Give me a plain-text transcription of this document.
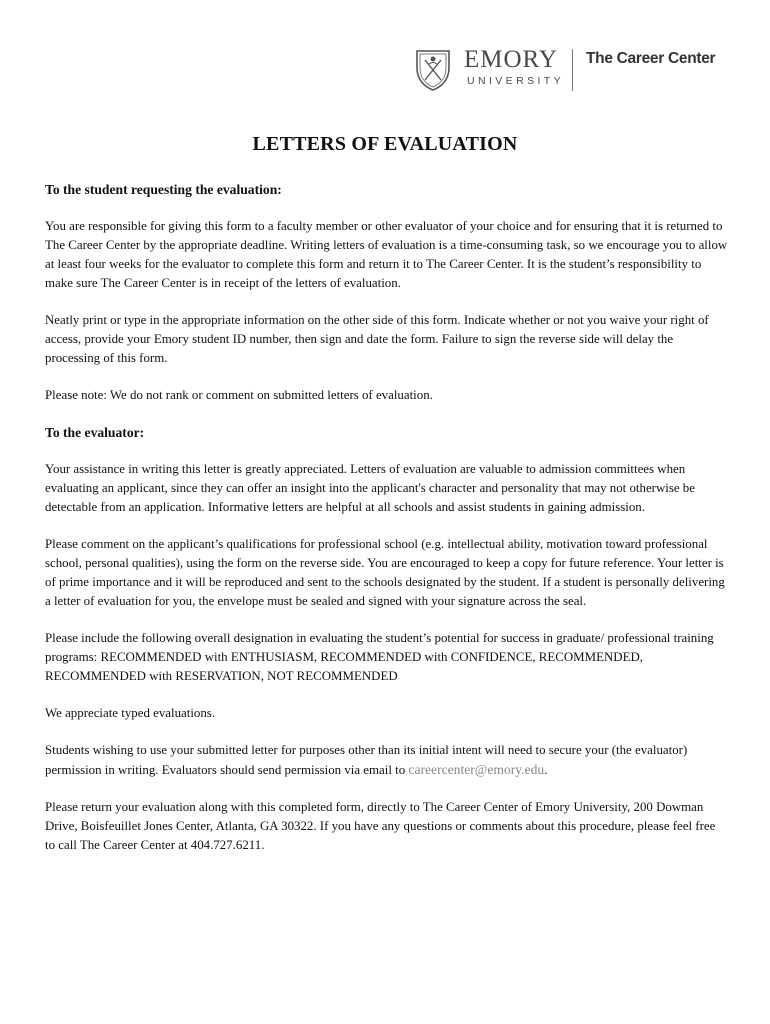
EMORY
UNIVERSITY
The Career Center
LETTERS OF EVALUATION
To the student requesting the evaluation:

You are responsible for giving this form to a faculty member or other evaluator of your choice and for ensuring that it is returned to The Career Center by the appropriate deadline. Writing letters of evaluation is a time-consuming task, so we encourage you to allow at least four weeks for the evaluator to complete this form and return it to The Career Center. It is the student’s responsibility to make sure The Career Center is in receipt of the letters of evaluation.

Neatly print or type in the appropriate information on the other side of this form. Indicate whether or not you waive your right of access, provide your Emory student ID number, then sign and date the form. Failure to sign the reverse side will delay the processing of this form.

Please note: We do not rank or comment on submitted letters of evaluation.

To the evaluator:

Your assistance in writing this letter is greatly appreciated. Letters of evaluation are valuable to admission committees when evaluating an applicant, since they can offer an insight into the applicant's character and personality that may not otherwise be detectable from an application. Informative letters are helpful at all schools and assist students in gaining admission.

Please comment on the applicant’s qualifications for professional school (e.g. intellectual ability, motivation toward professional school, personal qualities), using the form on the reverse side. You are encouraged to keep a copy for future reference. Your letter is of prime importance and it will be reproduced and sent to the schools designated by the student. If a student is personally delivering a letter of evaluation for you, the envelope must be sealed and signed with your signature across the seal.

Please include the following overall designation in evaluating the student’s potential for success in graduate/ professional training programs: RECOMMENDED with ENTHUSIASM, RECOMMENDED with CONFIDENCE, RECOMMENDED, RECOMMENDED with RESERVATION, NOT RECOMMENDED

We appreciate typed evaluations.

Students wishing to use your submitted letter for purposes other than its initial intent will need to secure your (the evaluator) permission in writing. Evaluators should send permission via email to careercenter@emory.edu.

Please return your evaluation along with this completed form, directly to The Career Center of Emory University, 200 Dowman Drive, Boisfeuillet Jones Center, Atlanta, GA 30322. If you have any questions or comments about this procedure, please feel free to call The Career Center at 404.727.6211.
